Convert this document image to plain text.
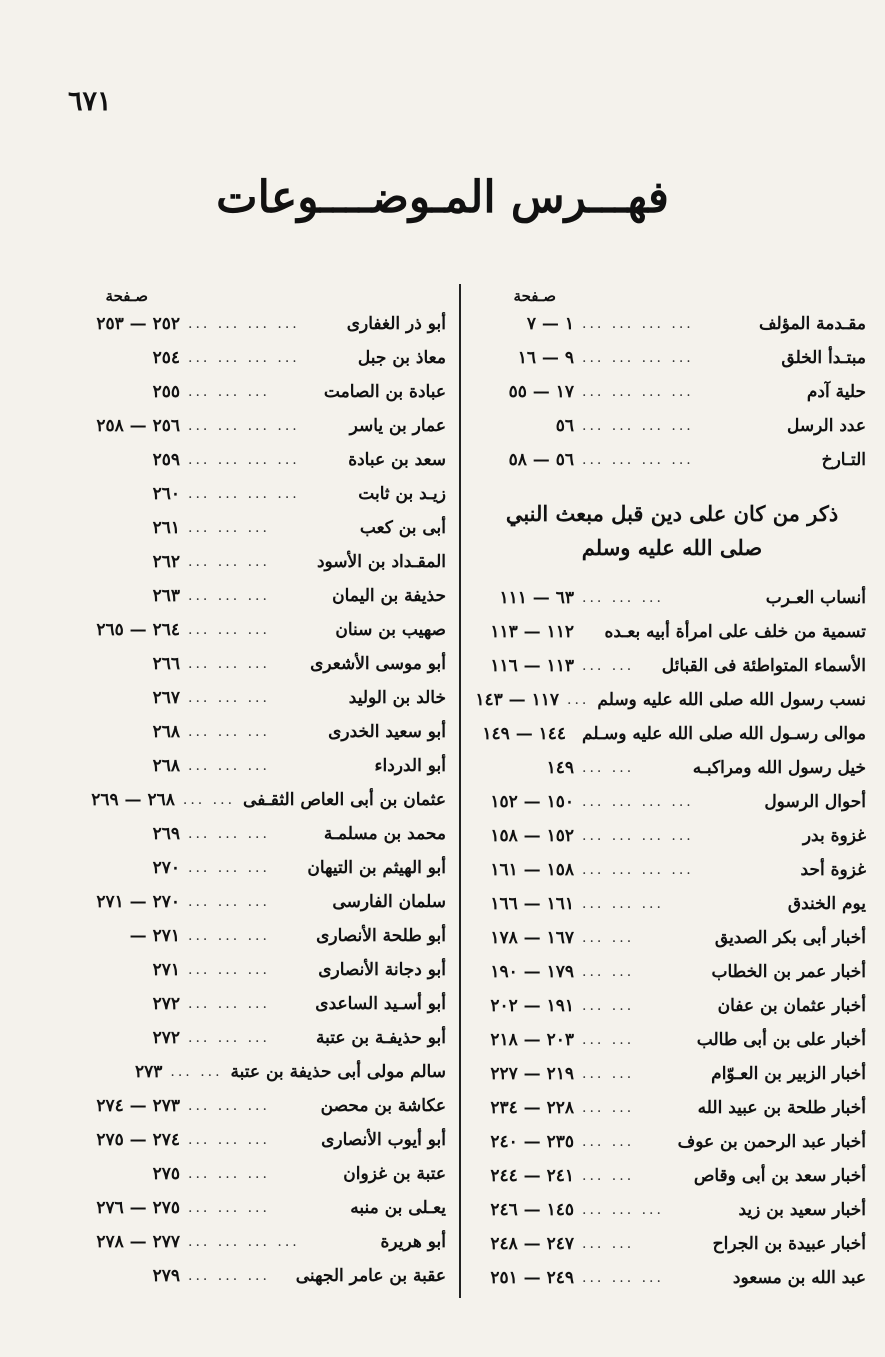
٦٧١
فهـــرس المـوضــــوعات
صـفحة
مقـدمة المؤلف
... ... ... ...
١ — ٧
مبتـدأ الخلق
... ... ... ...
٩ — ١٦
حلية آدم
... ... ... ...
١٧ — ٥٥
عدد الرسل
... ... ... ...
٥٦
التـارخ
... ... ... ...
٥٦ — ٥٨
ذكر من كان على دين قبل مبعث النبي
صلى الله عليه وسلم
أنساب العـرب
... ... ...
٦٣ — ١١١
تسمية من خلف على امرأة أبيه بعـده
١١٢ — ١١٣
الأسماء المتواطئة فى القبائل
... ...
١١٣ — ١١٦
نسب رسول الله صلى الله عليه وسلم
...
١١٧ — ١٤٣
موالى رسـول الله صلى الله عليه وسـلم
١٤٤ — ١٤٩
خيل رسول الله ومراكبـه
... ...
١٤٩
أحوال الرسول
... ... ... ...
١٥٠ — ١٥٢
غزوة بدر
... ... ... ...
١٥٢ — ١٥٨
غزوة أحد
... ... ... ...
١٥٨ — ١٦١
يوم الخندق
... ... ...
١٦١ — ١٦٦
أخبار أبى بكر الصديق
... ...
١٦٧ — ١٧٨
أخبار عمر بن الخطاب
... ...
١٧٩ — ١٩٠
أخبار عثمان بن عفان
... ...
١٩١ — ٢٠٢
أخبار على بن أبى طالب
... ...
٢٠٣ — ٢١٨
أخبار الزبير بن العـوّام
... ...
٢١٩ — ٢٢٧
أخبار طلحة بن عبيد الله
... ...
٢٢٨ — ٢٣٤
أخبار عبد الرحمن بن عوف
... ...
٢٣٥ — ٢٤٠
أخبار سعد بن أبى وقاص
... ...
٢٤١ — ٢٤٤
أخبار سعيد بن زيد
... ... ...
١٤٥ — ٢٤٦
أخبار عبيدة بن الجراح
... ...
٢٤٧ — ٢٤٨
عبد الله بن مسعود
... ... ...
٢٤٩ — ٢٥١
صـفحة
أبو ذر الغفارى
... ... ... ...
٢٥٢ — ٢٥٣
معاذ بن جبل
... ... ... ...
٢٥٤
عبادة بن الصامت
... ... ...
٢٥٥
عمار بن ياسر
... ... ... ...
٢٥٦ — ٢٥٨
سعد بن عبادة
... ... ... ...
٢٥٩
زيـد بن ثابت
... ... ... ...
٢٦٠
أبى بن كعب
... ... ...
٢٦١
المقـداد بن الأسود
... ... ...
٢٦٢
حذيفة بن اليمان
... ... ...
٢٦٣
صهيب بن سنان
... ... ...
٢٦٤ — ٢٦٥
أبو موسى الأشعرى
... ... ...
٢٦٦
خالد بن الوليد
... ... ...
٢٦٧
أبو سعيد الخدرى
... ... ...
٢٦٨
أبو الدرداء
... ... ...
٢٦٨
عثمان بن أبى العاص الثقـفى
... ...
٢٦٨ — ٢٦٩
محمد بن مسلمـة
... ... ...
٢٦٩
أبو الهيثم بن التيهان
... ... ...
٢٧٠
سلمان الفارسى
... ... ...
٢٧٠ — ٢٧١
أبو طلحة الأنصارى
... ... ...
٢٧١ —
أبو دجانة الأنصارى
... ... ...
٢٧١
أبو أسـيد الساعدى
... ... ...
٢٧٢
أبو حذيفـة بن عتبة
... ... ...
٢٧٢
سالم مولى أبى حذيفة بن عتبة
... ...
٢٧٣
عكاشة بن محصن
... ... ...
٢٧٣ — ٢٧٤
أبو أيوب الأنصارى
... ... ...
٢٧٤ — ٢٧٥
عتبة بن غزوان
... ... ...
٢٧٥
يعـلى بن منبه
... ... ...
٢٧٥ — ٢٧٦
أبو هريرة
... ... ... ...
٢٧٧ — ٢٧٨
عقبة بن عامر الجهنى
... ... ...
٢٧٩
